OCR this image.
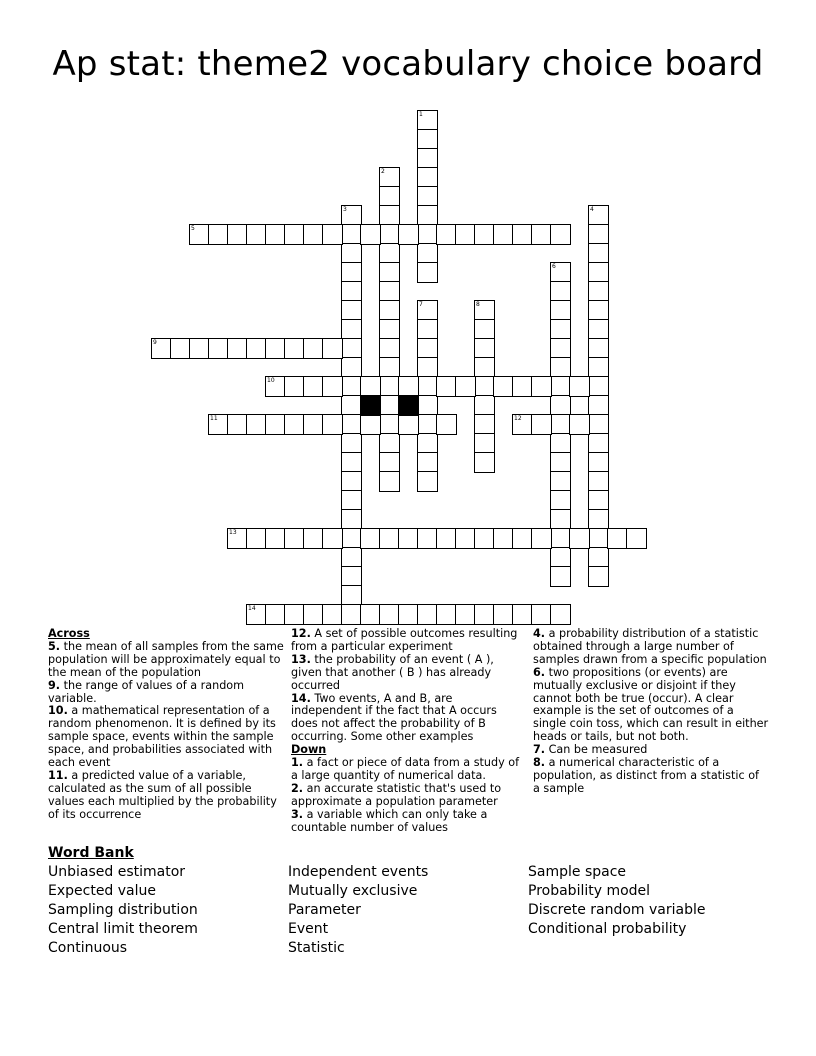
Ap stat: theme2 vocabulary choice board
1
2
3	4
5
6
7	8
9
10
11	12
13
14

Across

5. the mean of all samples from the same population will be approximately equal to the mean of the population

9. the range of values of a random variable.

10. a mathematical representation of a random phenomenon. It is defined by its sample space, events within the sample space, and probabilities associated with each event

11. a predicted value of a variable, calculated as the sum of all possible values each multiplied by the probability of its occurrence

12. A set of possible outcomes resulting from a particular experiment

13. the probability of an event ( A ), given that another ( B ) has already occurred

14. Two events, A and B, are independent if the fact that A occurs does not affect the probability of B occurring. Some other examples

Down

1. a fact or piece of data from a study of a large quantity of numerical data.

2. an accurate statistic that's used to approximate a population parameter

3. a variable which can only take a countable number of values

4. a probability distribution of a statistic obtained through a large number of samples drawn from a specific population

6. two propositions (or events) are mutually exclusive or disjoint if they cannot both be true (occur). A clear example is the set of outcomes of a single coin toss, which can result in either heads or tails, but not both.

7. Can be measured

8. a numerical characteristic of a population, as distinct from a statistic of a sample

Word Bank
Unbiased estimator
Expected value
Sampling distribution
Central limit theorem
Continuous
Independent events
Mutually exclusive
Parameter
Event
Statistic
Sample space
Probability model
Discrete random variable
Conditional probability
